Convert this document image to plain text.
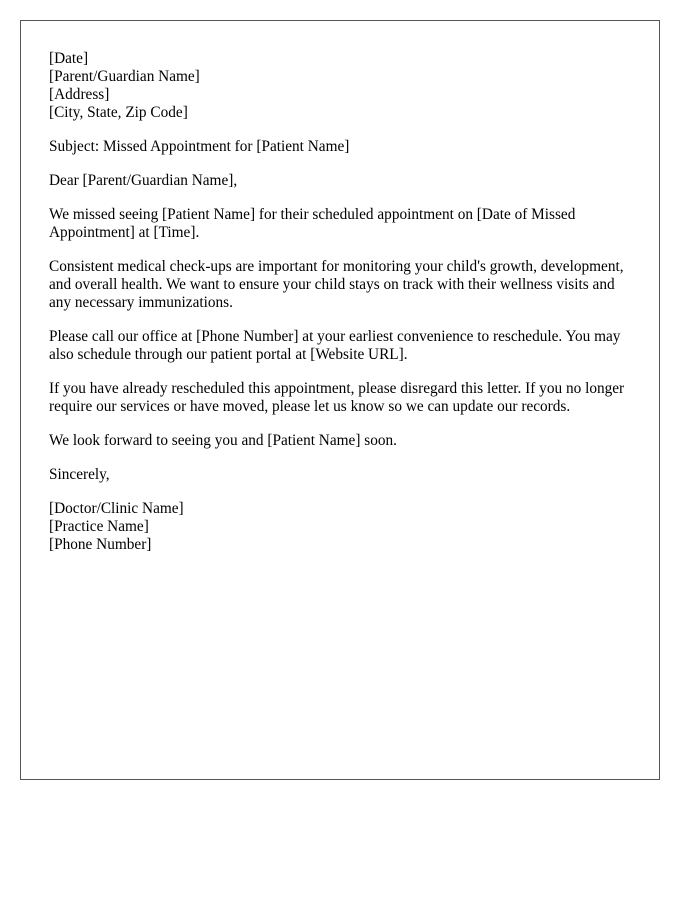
[Date]
[Parent/Guardian Name]
[Address]
[City, State, Zip Code]

Subject: Missed Appointment for [Patient Name]

Dear [Parent/Guardian Name],

We missed seeing [Patient Name] for their scheduled appointment on [Date of Missed Appointment] at [Time].

Consistent medical check-ups are important for monitoring your child's growth, development, and overall health. We want to ensure your child stays on track with their wellness visits and any necessary immunizations.

Please call our office at [Phone Number] at your earliest convenience to reschedule. You may also schedule through our patient portal at [Website URL].

If you have already rescheduled this appointment, please disregard this letter. If you no longer require our services or have moved, please let us know so we can update our records.

We look forward to seeing you and [Patient Name] soon.

Sincerely,

[Doctor/Clinic Name]
[Practice Name]
[Phone Number]
